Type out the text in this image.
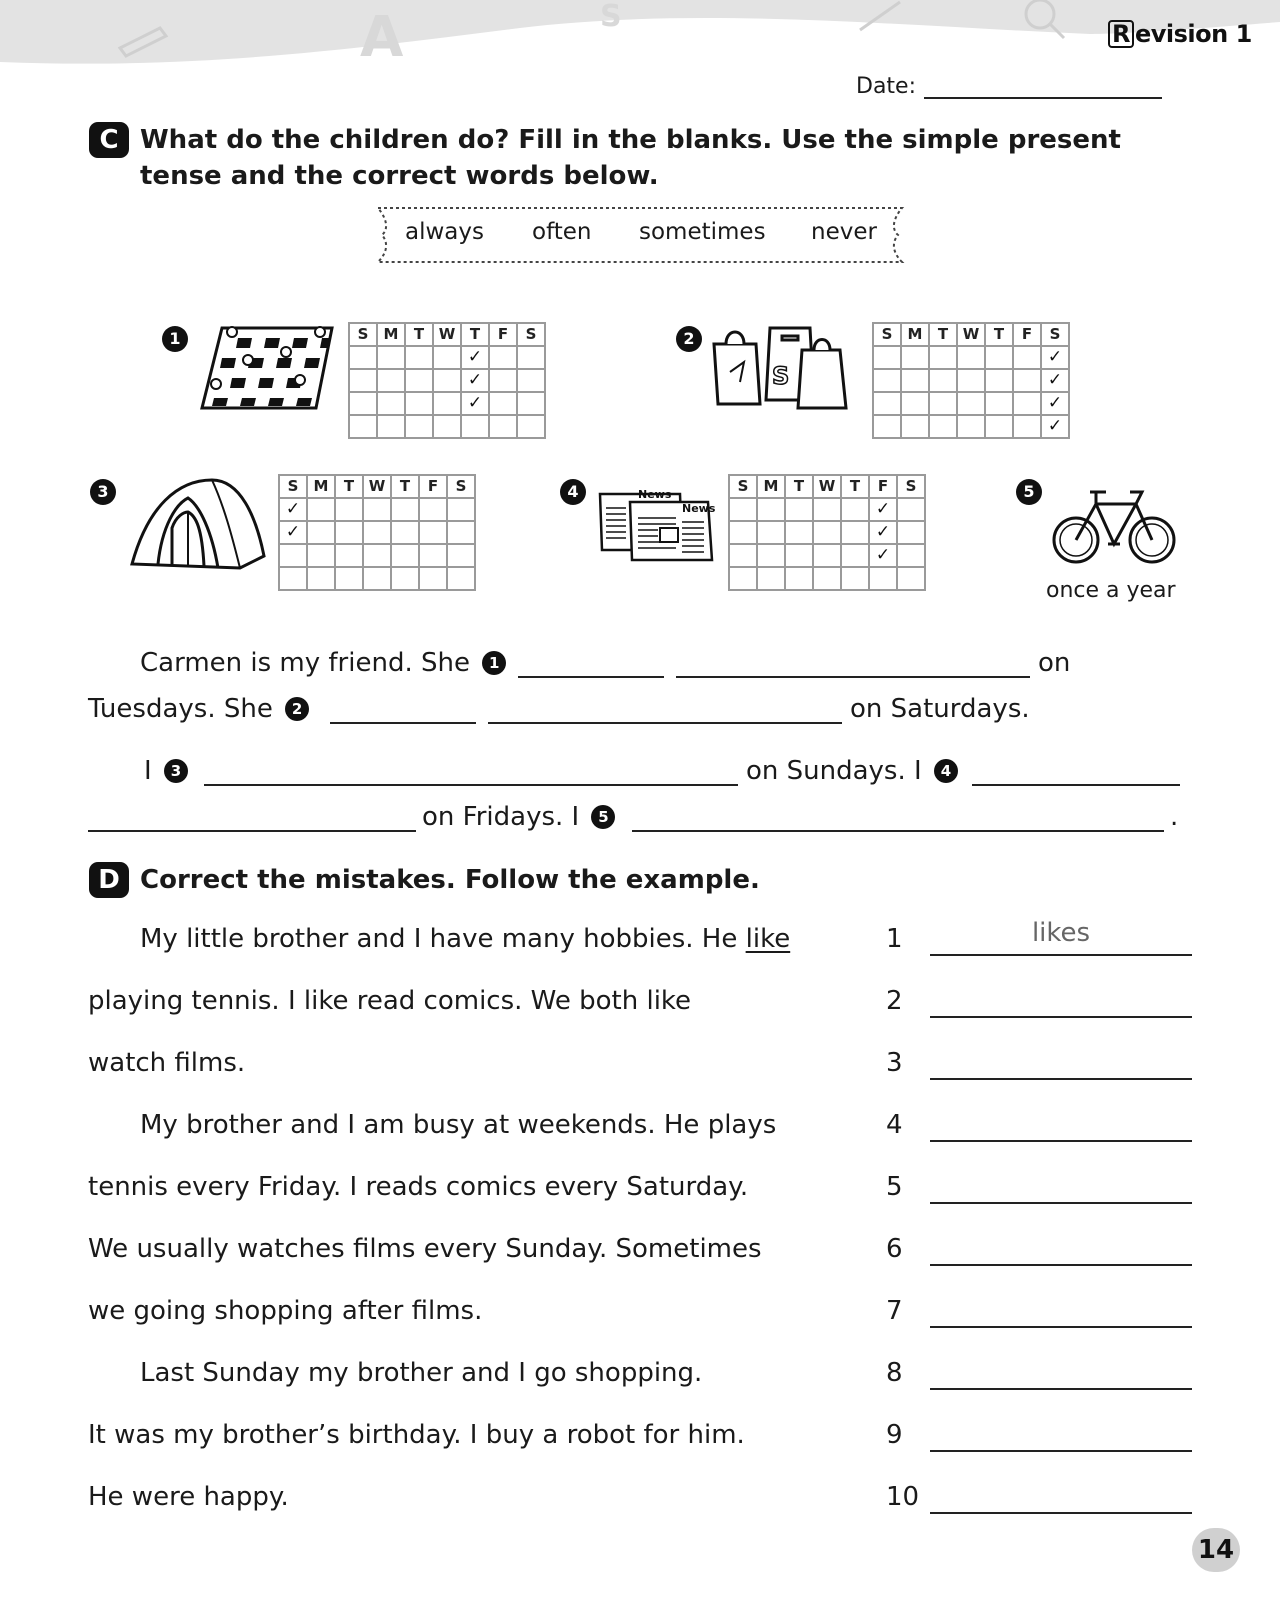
A	S	R evision 1
Date:
C What do the children do? Fill in the blanks. Use the simple present
tense and the correct words below.
always often sometimes never
1	S	M	T	W	T	F	S
				✓		
				✓		
				✓		

2
S
S	M	T	W	T	F	S
						✓
						✓
						✓
						✓
3	S	M	T	W	T	F	S
✓						
✓						

4	News
News
S	M	T	W	T	F	S
					✓	
					✓	
					✓	

5
once a year
Carmen is my friend. She 1	on
Tuesdays. She 2	on Saturdays.
I 3	on Sundays. I 4
on Fridays. I 5	.
D Correct the mistakes. Follow the example.
My little brother and I have many hobbies. He like
playing tennis. I like read comics. We both like
watch films.
My brother and I am busy at weekends. He plays
tennis every Friday. I reads comics every Saturday.
We usually watches films every Sunday. Sometimes
we going shopping after films.
Last Sunday my brother and I go shopping.
It was my brother’s birthday. I buy a robot for him.
He were happy.
1	likes
2
3
4
5
6
7
8
9
10
14
